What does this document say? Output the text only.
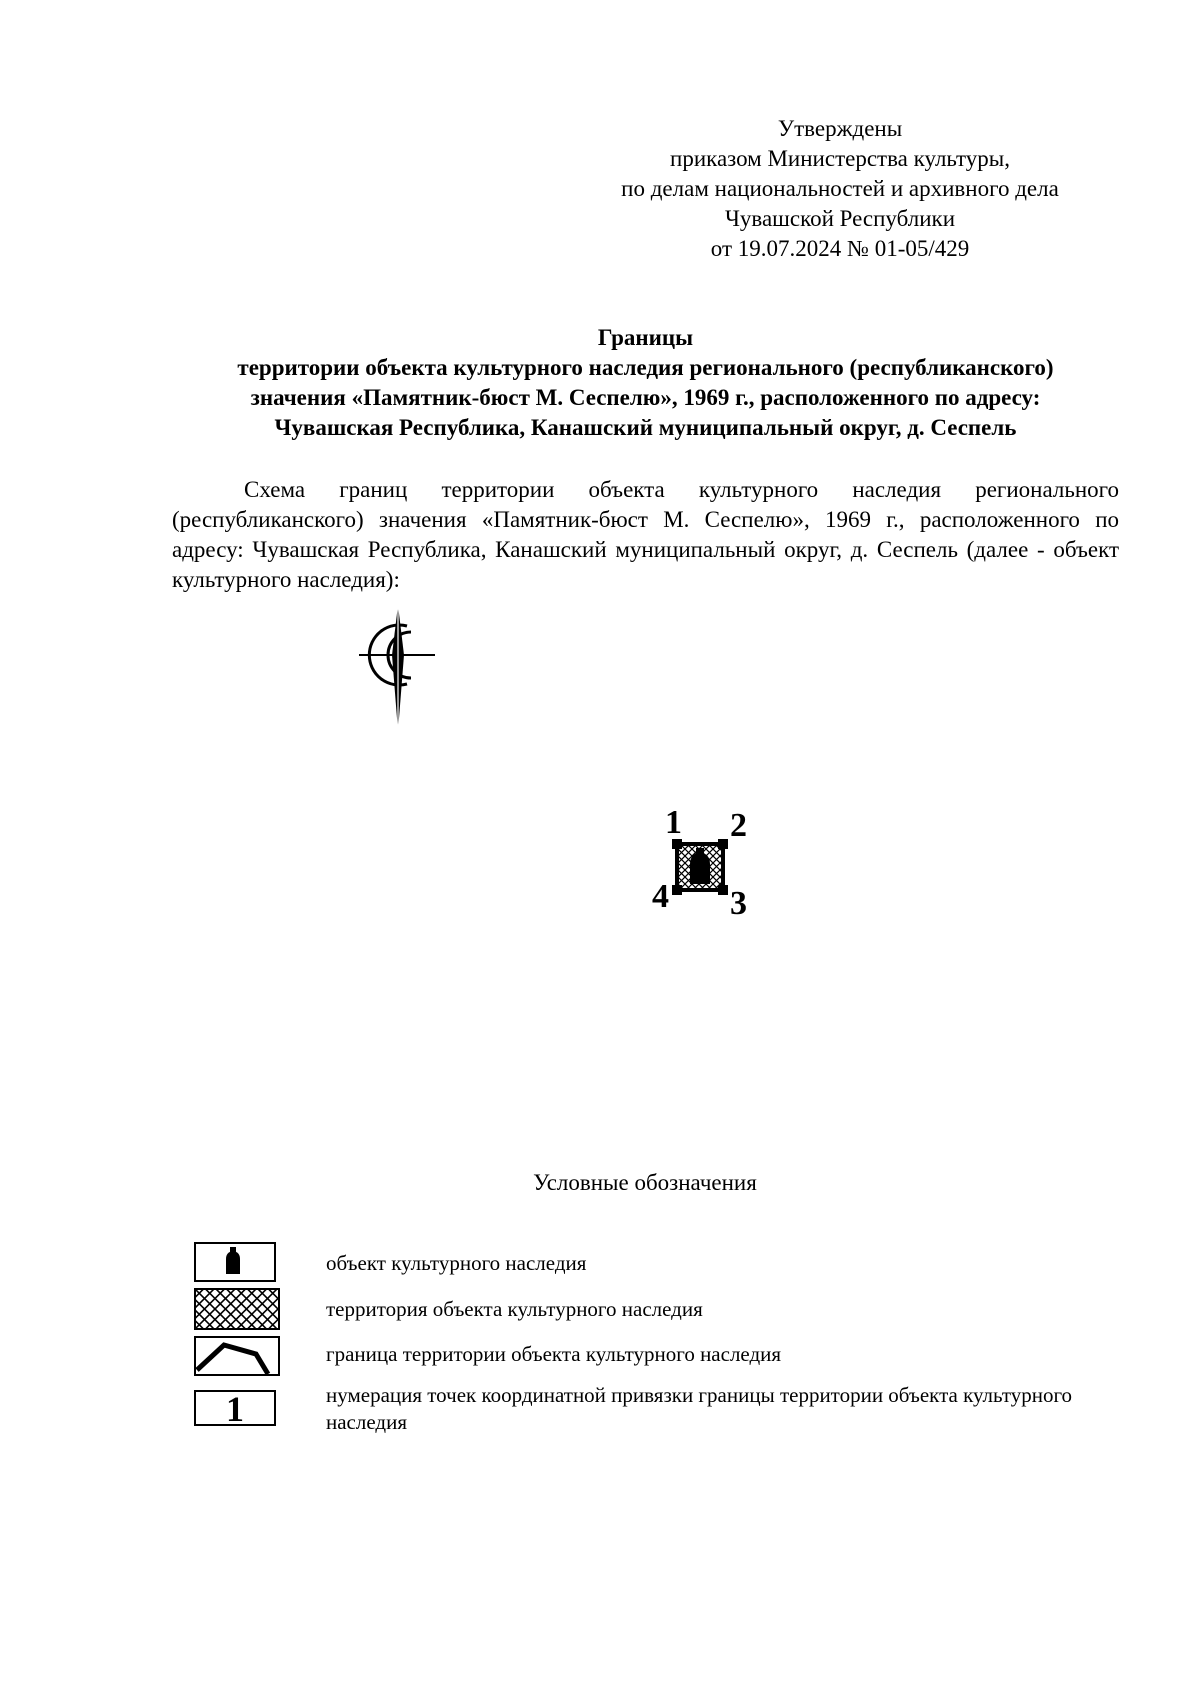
Утверждены
приказом Министерства культуры,
по делам национальностей и архивного дела
Чувашской Республики
от 19.07.2024 № 01-05/429
Границы
территории объекта культурного наследия регионального (республиканского)
значения «Памятник-бюст М. Сеспелю», 1969 г., расположенного по адресу:
Чувашская Республика, Канашский муниципальный округ, д. Сеспель

Схема границ территории объекта культурного наследия регионального (республиканского) значения «Памятник-бюст М. Сеспелю», 1969 г., расположенного по адресу: Чувашская Республика, Канашский муниципальный округ, д. Сеспель (далее - объект культурного наследия):

1 2
3
4
Условные обозначения
объект культурного наследия
территория объекта культурного наследия
граница территории объекта культурного наследия
1	нумерация точек координатной привязки границы территории объекта культурного наследия
